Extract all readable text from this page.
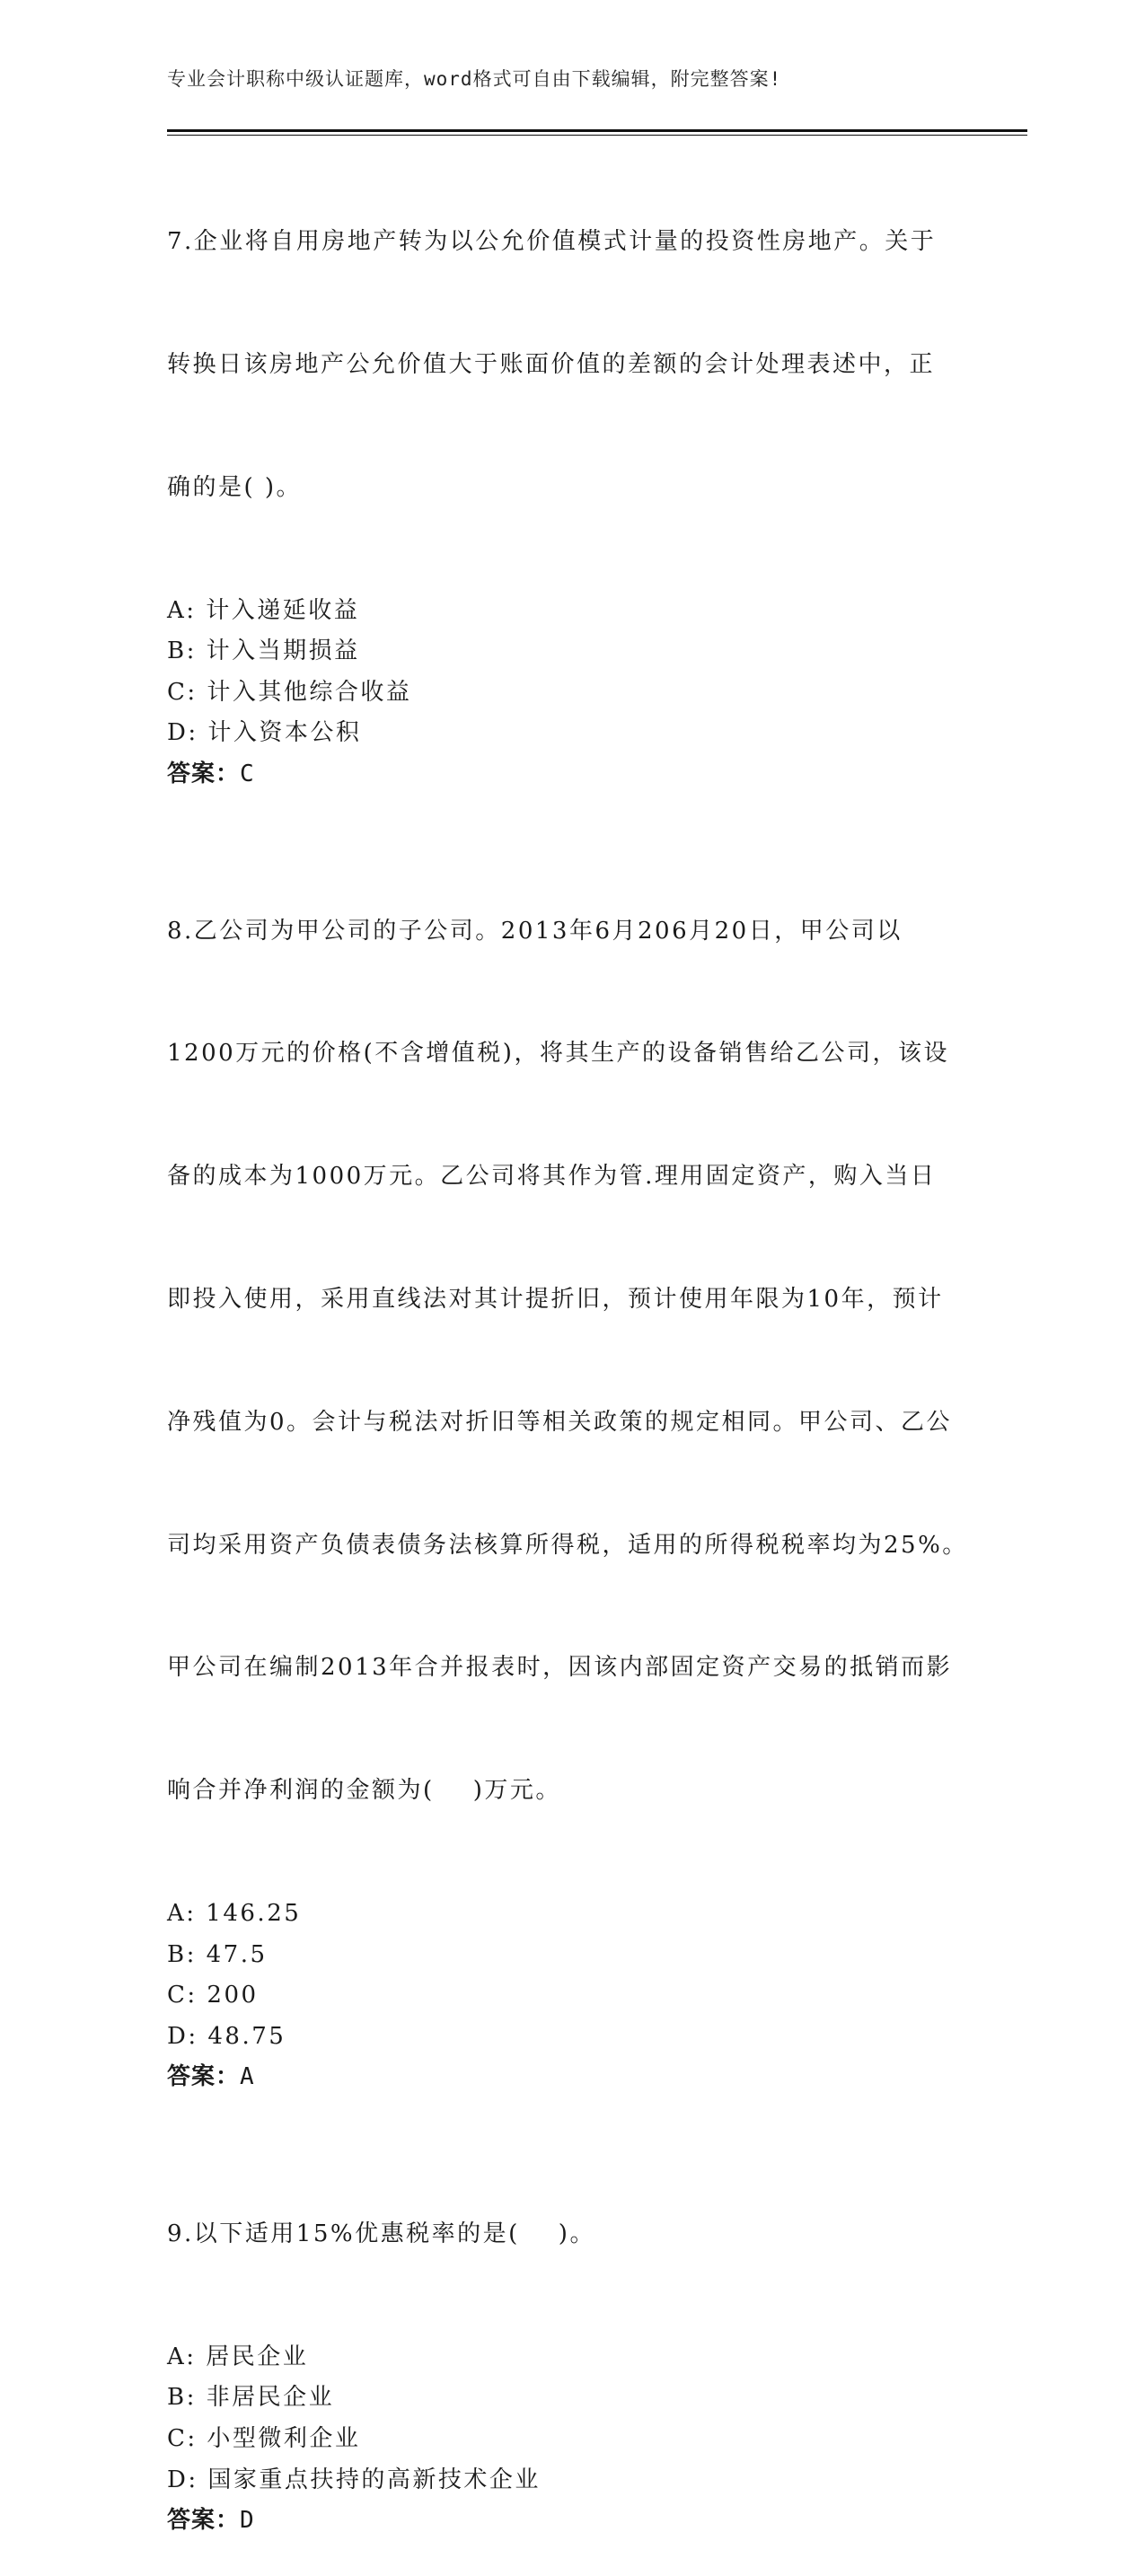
专业会计职称中级认证题库，word格式可自由下载编辑，附完整答案!

7.企业将自用房地产转为以公允价值模式计量的投资性房地产。关于

转换日该房地产公允价值大于账面价值的差额的会计处理表述中，正

确的是( )。

A: 计入递延收益
B: 计入当期损益
C: 计入其他综合收益
D: 计入资本公积
答案：C

8.乙公司为甲公司的子公司。2013年6月206月20日，甲公司以

1200万元的价格(不含增值税)，将其生产的设备销售给乙公司，该设

备的成本为1000万元。乙公司将其作为管.理用固定资产，购入当日

即投入使用，采用直线法对其计提折旧，预计使用年限为10年，预计

净残值为0。会计与税法对折旧等相关政策的规定相同。甲公司、乙公

司均采用资产负债表债务法核算所得税，适用的所得税税率均为25%。

甲公司在编制2013年合并报表时，因该内部固定资产交易的抵销而影

响合并净利润的金额为(    )万元。

A: 146.25
B: 47.5
C: 200
D: 48.75
答案：A

9.以下适用15%优惠税率的是(    )。

A: 居民企业
B: 非居民企业
C: 小型微利企业
D: 国家重点扶持的高新技术企业
答案：D
